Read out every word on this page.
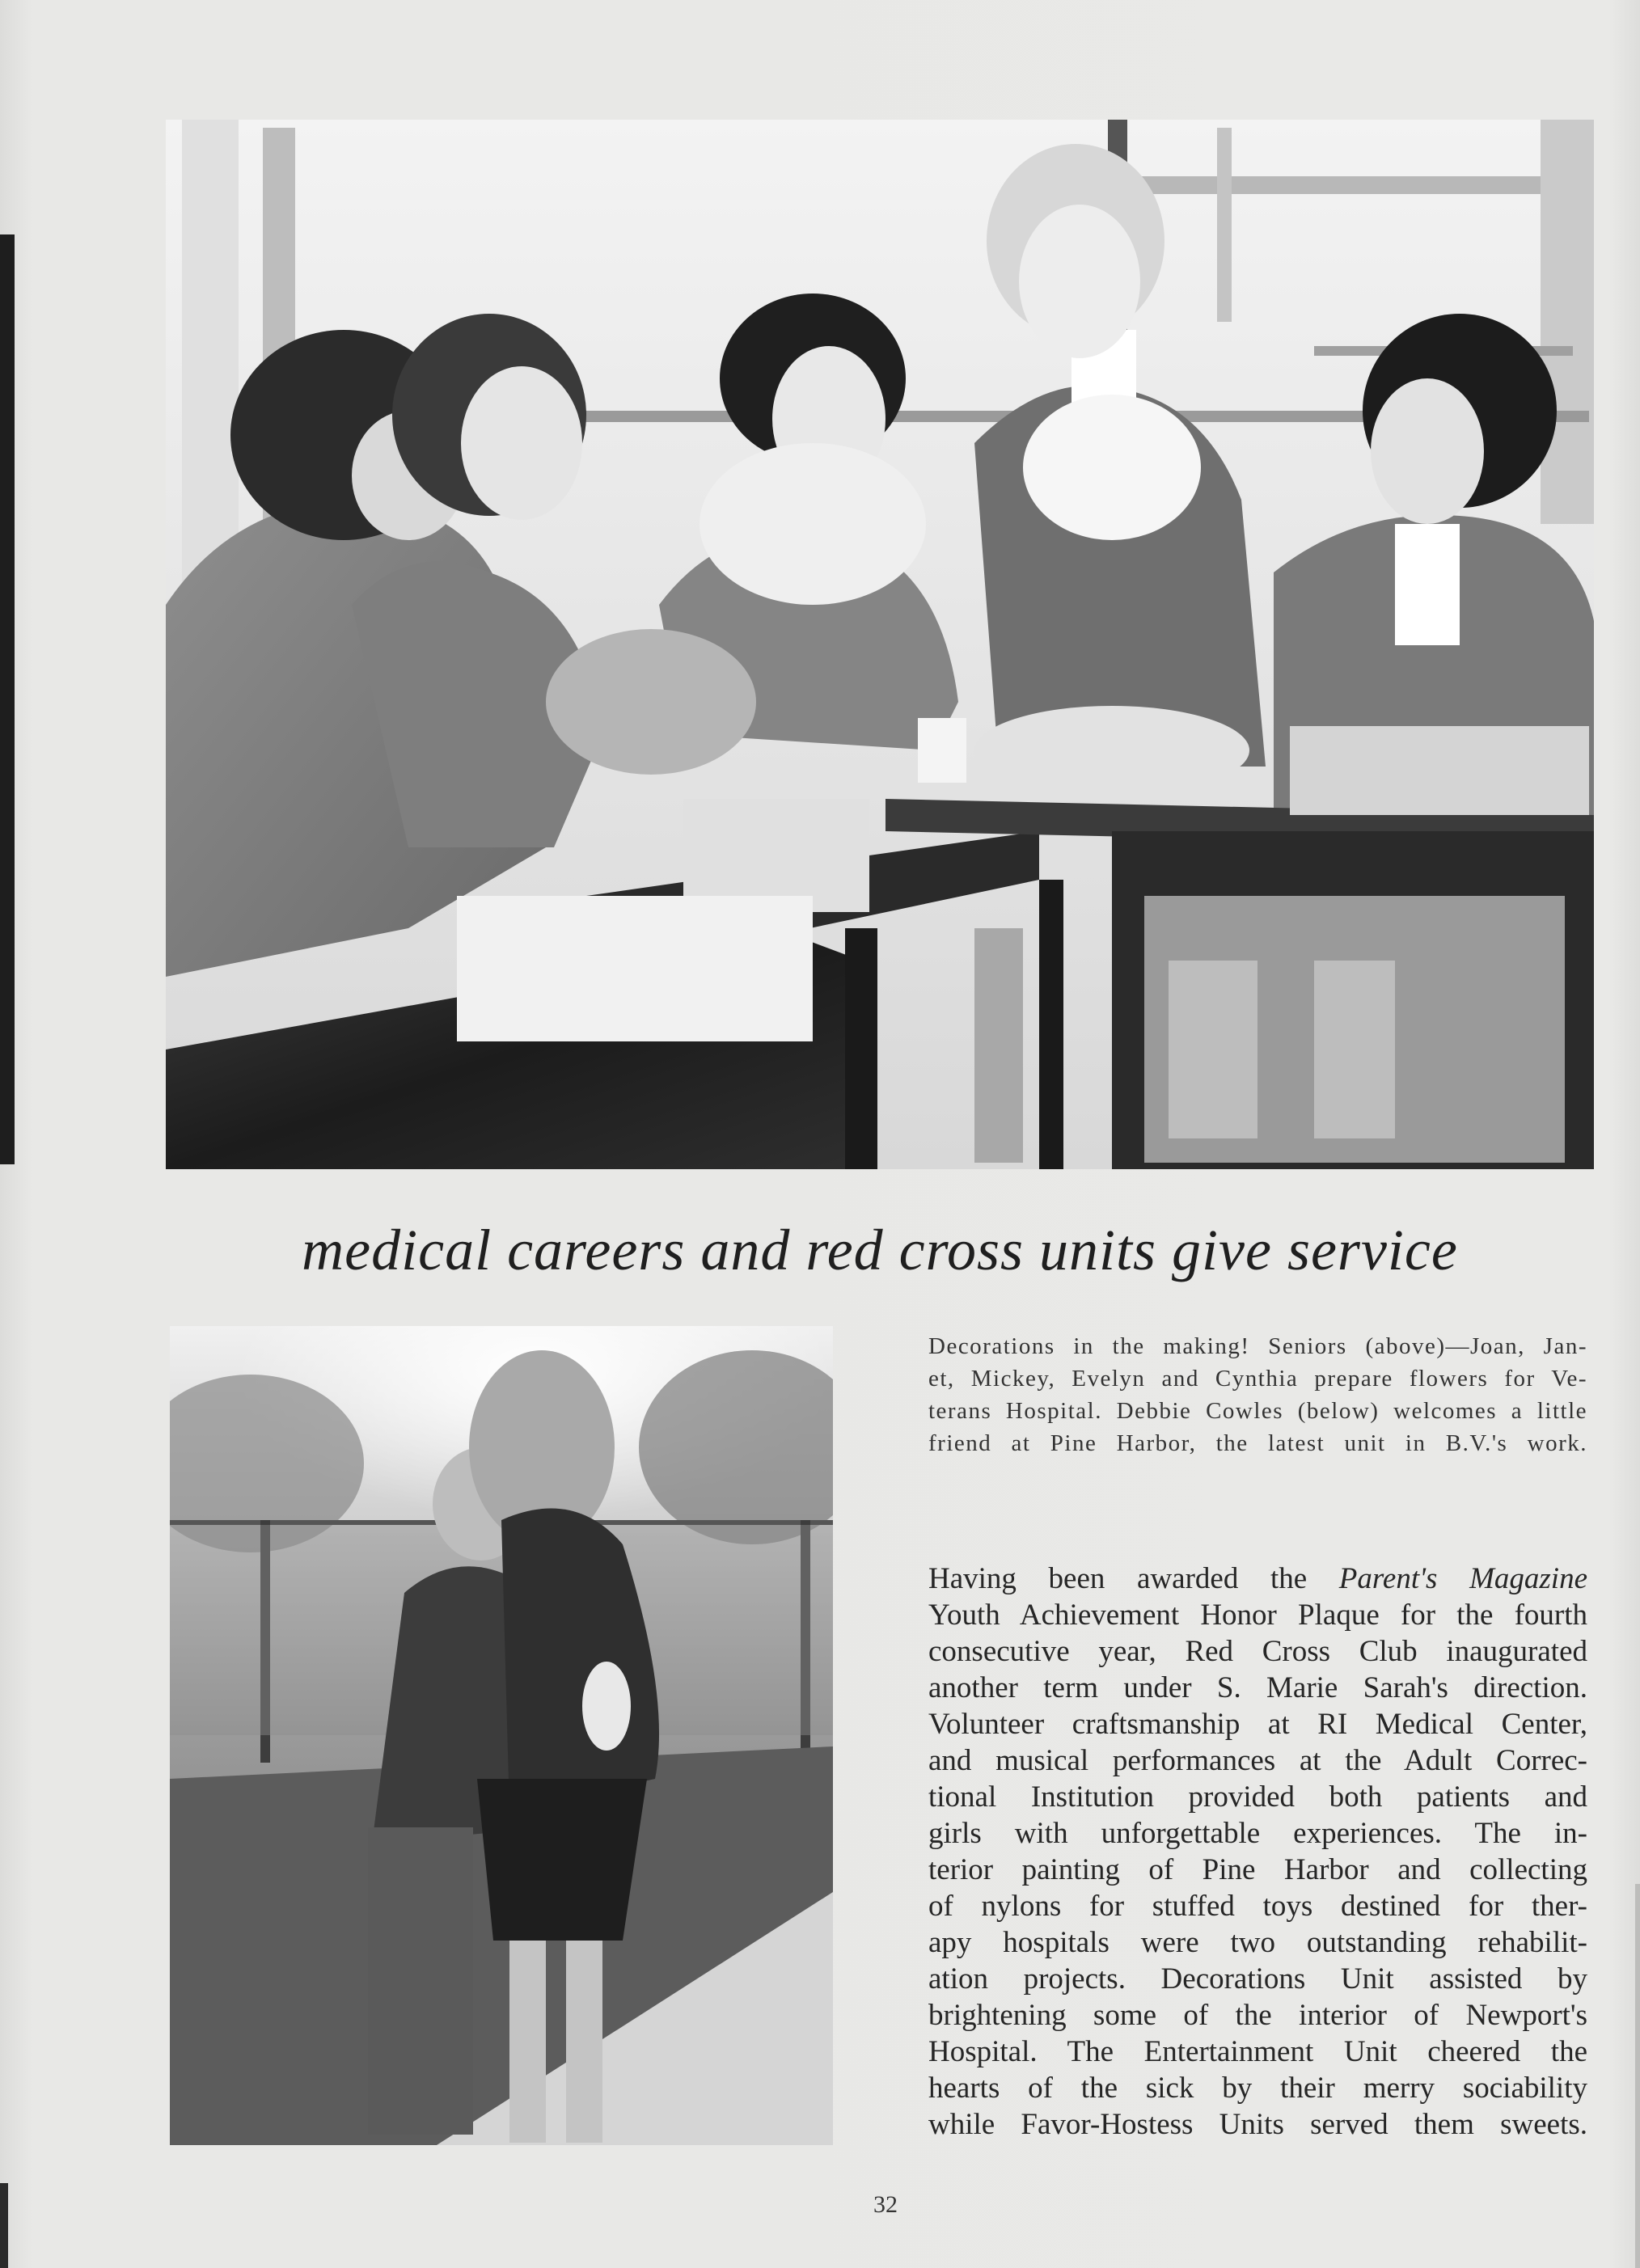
medical careers and red cross units give service
Decorations in the making! Seniors (above)—Joan, Jan-
et, Mickey, Evelyn and Cynthia prepare flowers for Ve-
terans Hospital. Debbie Cowles (below) welcomes a little
friend at Pine Harbor, the latest unit in B.V.'s work.
Having been awarded the Parent's Magazine
Youth Achievement Honor Plaque for the fourth
consecutive year, Red Cross Club inaugurated
another term under S. Marie Sarah's direction.
Volunteer craftsmanship at RI Medical Center,
and musical performances at the Adult Correc-
tional Institution provided both patients and
girls with unforgettable experiences. The in-
terior painting of Pine Harbor and collecting
of nylons for stuffed toys destined for ther-
apy hospitals were two outstanding rehabilit-
ation projects. Decorations Unit assisted by
brightening some of the interior of Newport's
Hospital. The Entertainment Unit cheered the
hearts of the sick by their merry sociability
while Favor-Hostess Units served them sweets.
32
